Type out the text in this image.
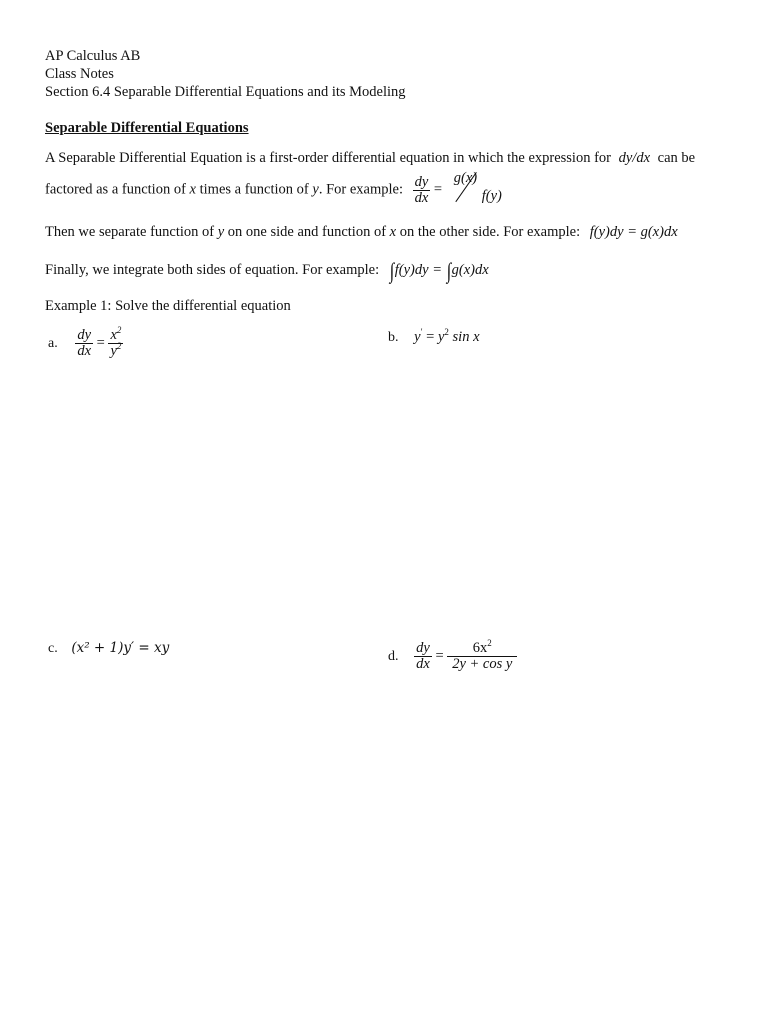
AP Calculus AB
Class Notes
Section 6.4 Separable Differential Equations and its Modeling
Separable Differential Equations
A Separable Differential Equation is a first-order differential equation in which the expression for dy/dx can be
factored as a function of x times a function of y. For example: $\frac{dy}{dx}$ =
g(x)
f(y)
Then we separate function of y on one side and function of x on the other side. For example: f(y)dy = g(x)dx
Finally, we integrate both sides of equation. For example: ∫f(y)dy = ∫g(x)dx
Example 1: Solve the differential equation
a. $\frac{dy}{dx} = \frac{x^2}{y^2}$	b. $y' = y^2$ sin x
c. (x² + 1)y′ = xy	d. $\frac{dy}{dx} = \frac{6x^2}{\text{2y + cos y}}$
